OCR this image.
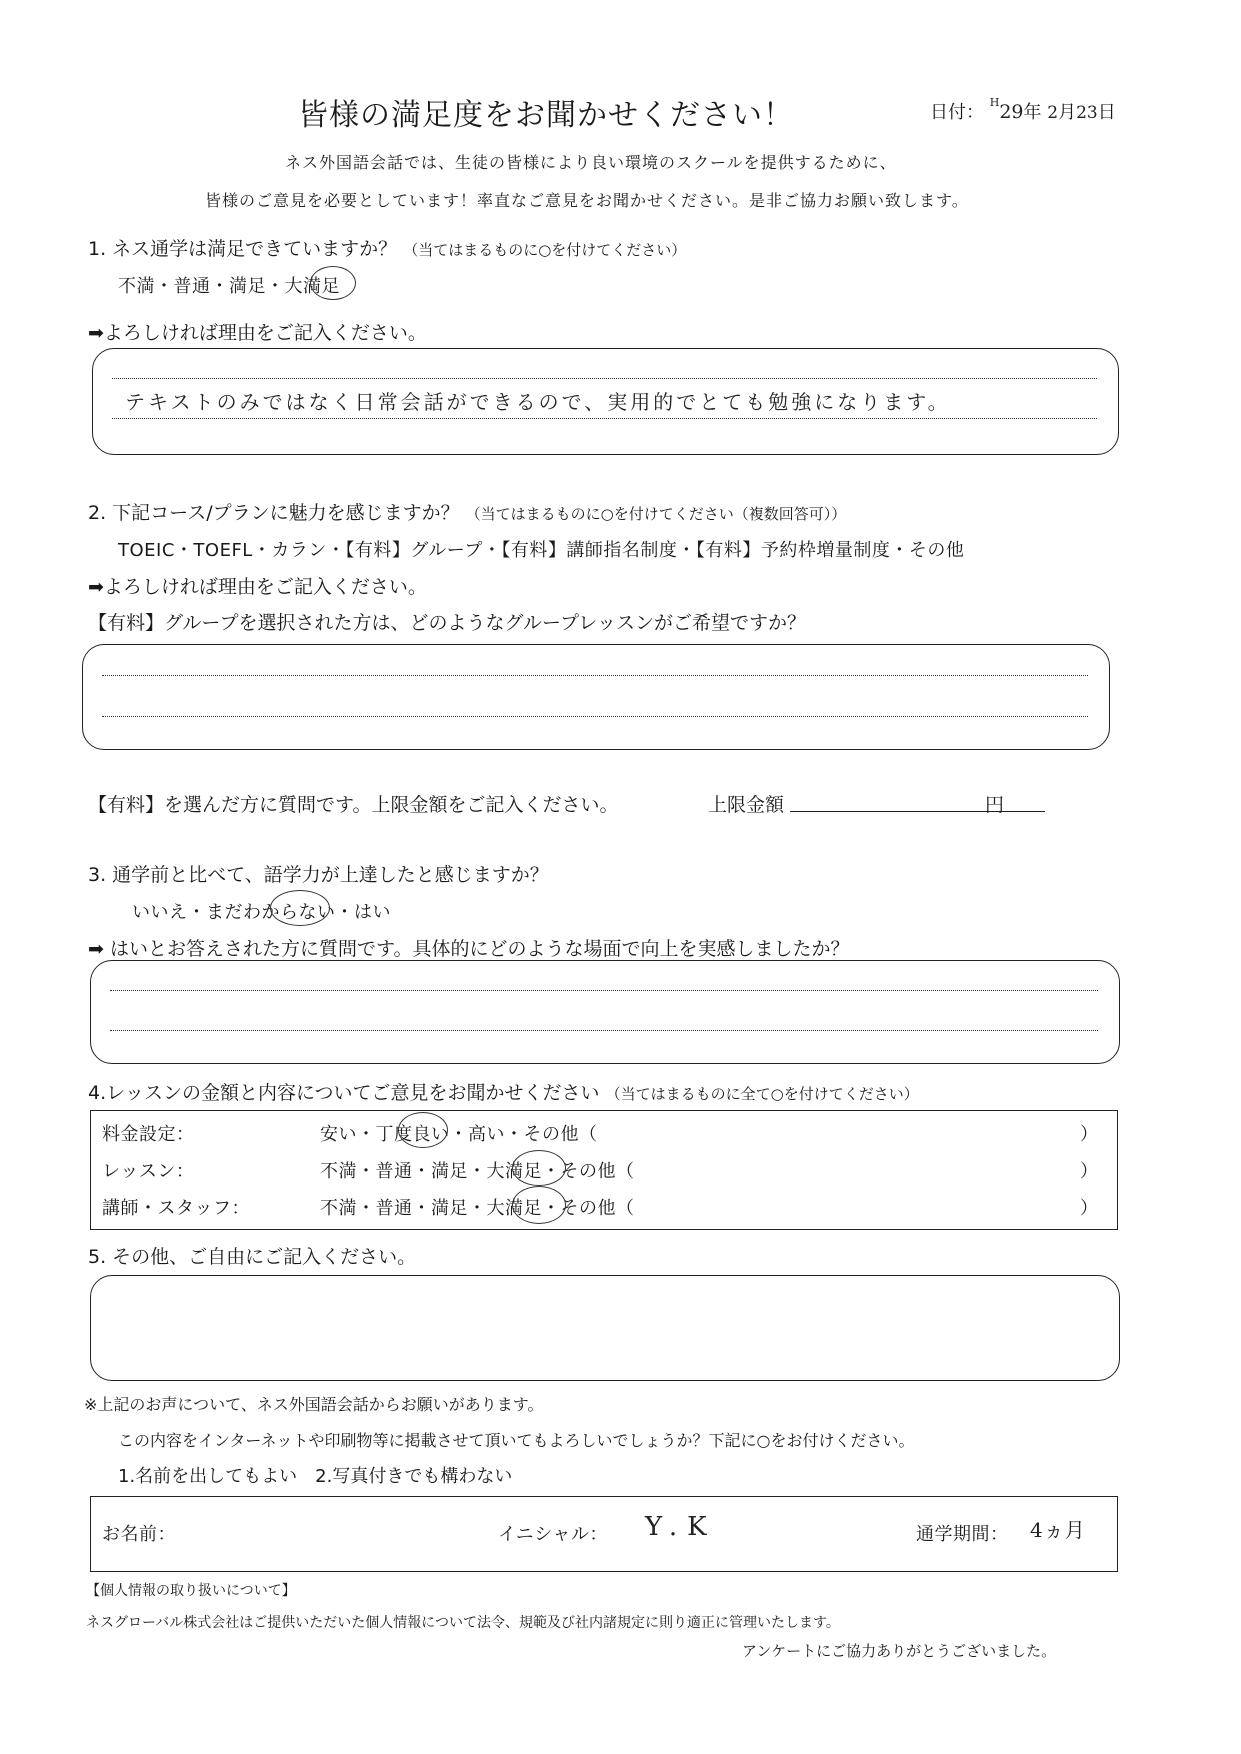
皆様の満足度をお聞かせください！	日付： $^H$29年 2月23日
ネス外国語会話では、生徒の皆様により良い環境のスクールを提供するために、
皆様のご意見を必要としています！率直なご意見をお聞かせください。是非ご協力お願い致します。
1. ネス通学は満足できていますか？ （当てはまるものに○を付けてください）
不満・普通・満足・大満足
➡よろしければ理由をご記入ください。
テキストのみではなく日常会話ができるので、実用的でとても勉強になります。
2. 下記コース/プランに魅力を感じますか？ （当てはまるものに○を付けてください（複数回答可））
TOEIC・TOEFL・カラン・【有料】グループ・【有料】講師指名制度・【有料】予約枠増量制度・その他
➡よろしければ理由をご記入ください。
【有料】グループを選択された方は、どのようなグループレッスンがご希望ですか？
【有料】を選んだ方に質問です。上限金額をご記入ください。	上限金額	円
3. 通学前と比べて、語学力が上達したと感じますか？
いいえ・まだわからない・はい
➡ はいとお答えされた方に質問です。具体的にどのような場面で向上を実感しましたか？
4.レッスンの金額と内容についてご意見をお聞かせください （当てはまるものに全て○を付けてください）
料金設定：	安い・丁度良い・高い・その他（	）
レッスン：	不満・普通・満足・大満足・その他（	）
講師・スタッフ：	不満・普通・満足・大満足・その他（	）
5. その他、ご自由にご記入ください。
※上記のお声について、ネス外国語会話からお願いがあります。
この内容をインターネットや印刷物等に掲載させて頂いてもよろしいでしょうか？下記に○をお付けください。
1.名前を出してもよい　2.写真付きでも構わない
お名前：	イニシャル： Y.K	通学期間： 4ヵ月
【個人情報の取り扱いについて】
ネスグローバル株式会社はご提供いただいた個人情報について法令、規範及び社内諸規定に則り適正に管理いたします。
アンケートにご協力ありがとうございました。
